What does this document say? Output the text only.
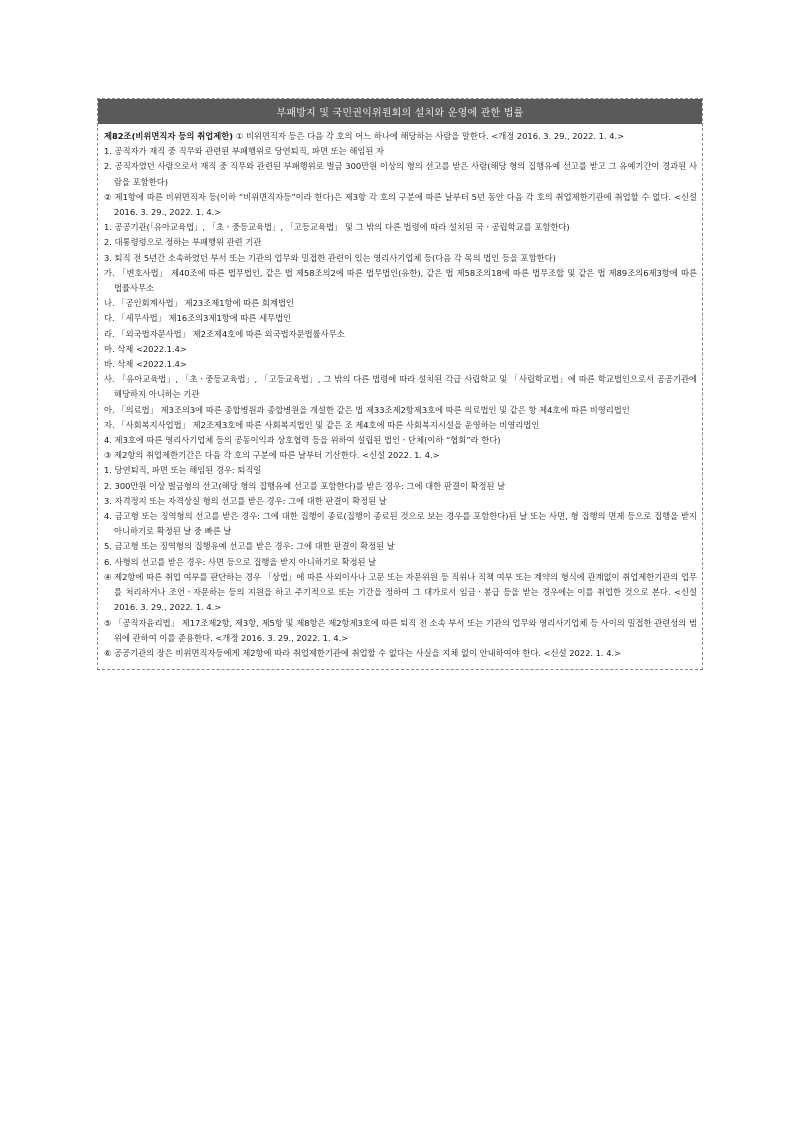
부패방지 및 국민권익위원회의 설치와 운영에 관한 법률

제82조(비위면직자 등의 취업제한) ① 비위면직자 등은 다음 각 호의 어느 하나에 해당하는 사람을 말한다. <개정 2016. 3. 29., 2022. 1. 4.>

1. 공직자가 재직 중 직무와 관련된 부패행위로 당연퇴직, 파면 또는 해임된 자

2. 공직자였던 사람으로서 재직 중 직무와 관련된 부패행위로 벌금 300만원 이상의 형의 선고를 받은 사람(해당 형의 집행유예 선고를 받고 그 유예기간이 경과된 사람을 포함한다)

② 제1항에 따른 비위면직자 등(이하 “비위면직자등”이라 한다)은 제3항 각 호의 구분에 따른 날부터 5년 동안 다음 각 호의 취업제한기관에 취업할 수 없다. <신설 2016. 3. 29., 2022. 1. 4.>

1. 공공기관(「유아교육법」, 「초ㆍ중등교육법」, 「고등교육법」 및 그 밖의 다른 법령에 따라 설치된 국ㆍ공립학교를 포함한다)

2. 대통령령으로 정하는 부패행위 관련 기관

3. 퇴직 전 5년간 소속하였던 부서 또는 기관의 업무와 밀접한 관련이 있는 영리사기업체 등(다음 각 목의 법인 등을 포함한다)

가. 「변호사법」 제40조에 따른 법무법인, 같은 법 제58조의2에 따른 법무법인(유한), 같은 법 제58조의18에 따른 법무조합 및 같은 법 제89조의6제3항에 따른 법률사무소

나. 「공인회계사법」 제23조제1항에 따른 회계법인

다. 「세무사법」 제16조의3제1항에 따른 세무법인

라. 「외국법자문사법」 제2조제4호에 따른 외국법자문법률사무소

마. 삭제 <2022.1.4>

바. 삭제 <2022.1.4>

사. 「유아교육법」, 「초ㆍ중등교육법」, 「고등교육법」, 그 밖의 다른 법령에 따라 설치된 각급 사립학교 및 「사립학교법」에 따른 학교법인으로서 공공기관에 해당하지 아니하는 기관

아. 「의료법」 제3조의3에 따른 종합병원과 종합병원을 개설한 같은 법 제33조제2항제3호에 따른 의료법인 및 같은 항 제4호에 따른 비영리법인

자. 「사회복지사업법」 제2조제3호에 따른 사회복지법인 및 같은 조 제4호에 따른 사회복지시설을 운영하는 비영리법인

4. 제3호에 따른 영리사기업체 등의 공동이익과 상호협력 등을 위하여 설립된 법인ㆍ단체(이하 “협회”라 한다)

③ 제2항의 취업제한기간은 다음 각 호의 구분에 따른 날부터 기산한다. <신설 2022. 1. 4.>

1. 당연퇴직, 파면 또는 해임된 경우: 퇴직일

2. 300만원 이상 벌금형의 선고(해당 형의 집행유예 선고를 포함한다)를 받은 경우: 그에 대한 판결이 확정된 날

3. 자격정지 또는 자격상실 형의 선고를 받은 경우: 그에 대한 판결이 확정된 날

4. 금고형 또는 징역형의 선고를 받은 경우: 그에 대한 집행이 종료(집행이 종료된 것으로 보는 경우를 포함한다)된 날 또는 사면, 형 집행의 면제 등으로 집행을 받지 아니하기로 확정된 날 중 빠른 날

5. 금고형 또는 징역형의 집행유예 선고를 받은 경우: 그에 대한 판결이 확정된 날

6. 사형의 선고를 받은 경우: 사면 등으로 집행을 받지 아니하기로 확정된 날

④ 제2항에 따른 취업 여부를 판단하는 경우 「상법」에 따른 사외이사나 고문 또는 자문위원 등 직위나 직책 여부 또는 계약의 형식에 관계없이 취업제한기관의 업무를 처리하거나 조언ㆍ자문하는 등의 지원을 하고 주기적으로 또는 기간을 정하여 그 대가로서 임금ㆍ봉급 등을 받는 경우에는 이를 취업한 것으로 본다. <신설 2016. 3. 29., 2022. 1. 4.>

⑤ 「공직자윤리법」 제17조제2항, 제3항, 제5항 및 제8항은 제2항제3호에 따른 퇴직 전 소속 부서 또는 기관의 업무와 영리사기업체 등 사이의 밀접한 관련성의 범위에 관하여 이를 준용한다. <개정 2016. 3. 29., 2022. 1. 4.>

⑥ 공공기관의 장은 비위면직자등에게 제2항에 따라 취업제한기관에 취업할 수 없다는 사실을 지체 없이 안내하여야 한다. <신설 2022. 1. 4.>
